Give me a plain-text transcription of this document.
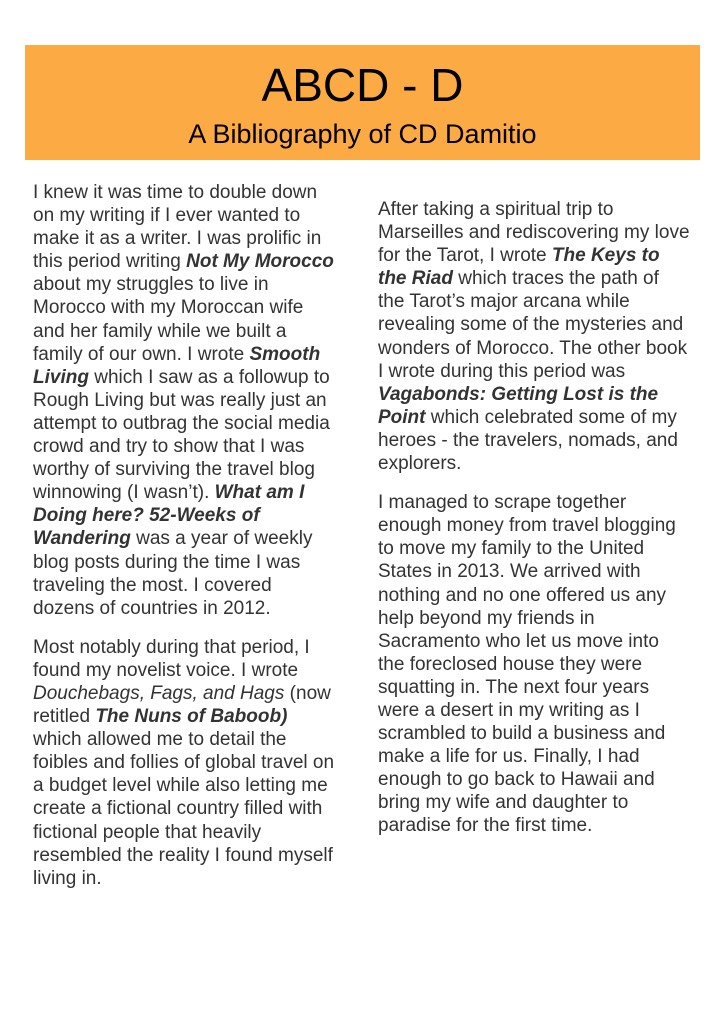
ABCD - D
A Bibliography of CD Damitio

I knew it was time to double down on my writing if I ever wanted to make it as a writer. I was prolific in this period writing Not My Morocco about my struggles to live in Morocco with my Moroccan wife and her family while we built a family of our own. I wrote Smooth Living which I saw as a followup to Rough Living but was really just an attempt to outbrag the social media crowd and try to show that I was worthy of surviving the travel blog winnowing (I wasn’t). What am I Doing here? 52-Weeks of Wandering was a year of weekly blog posts during the time I was traveling the most. I covered dozens of countries in 2012.

Most notably during that period, I found my novelist voice. I wrote Douchebags, Fags, and Hags (now retitled The Nuns of Baboob) which allowed me to detail the foibles and follies of global travel on a budget level while also letting me create a fictional country filled with fictional people that heavily resembled the reality I found myself living in.

After taking a spiritual trip to Marseilles and rediscovering my love for the Tarot, I wrote The Keys to the Riad which traces the path of the Tarot’s major arcana while revealing some of the mysteries and wonders of Morocco. The other book I wrote during this period was Vagabonds: Getting Lost is the Point which celebrated some of my heroes - the travelers, nomads, and explorers.

I managed to scrape together enough money from travel blogging to move my family to the United States in 2013. We arrived with nothing and no one offered us any help beyond my friends in Sacramento who let us move into the foreclosed house they were squatting in. The next four years were a desert in my writing as I scrambled to build a business and make a life for us. Finally, I had enough to go back to Hawaii and bring my wife and daughter to paradise for the first time.
